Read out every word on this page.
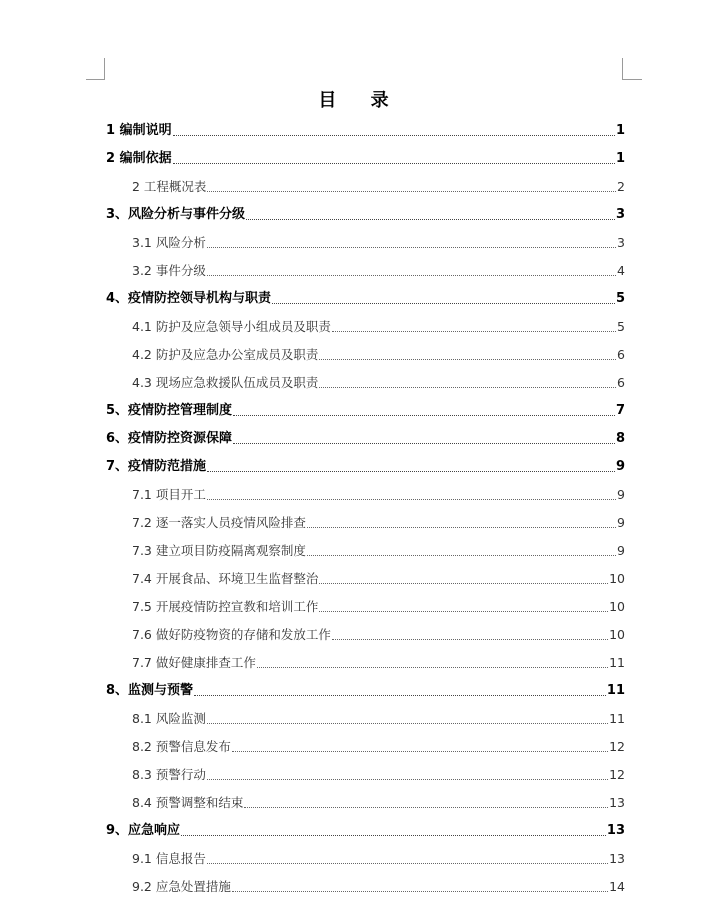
目 录
1 编制说明	1
2 编制依据	1
2 工程概况表	2
3、风险分析与事件分级	3
3.1 风险分析	3
3.2 事件分级	4
4、疫情防控领导机构与职责	5
4.1 防护及应急领导小组成员及职责	5
4.2 防护及应急办公室成员及职责	6
4.3 现场应急救援队伍成员及职责	6
5、疫情防控管理制度	7
6、疫情防控资源保障	8
7、疫情防范措施	9
7.1 项目开工	9
7.2 逐一落实人员疫情风险排查	9
7.3 建立项目防疫隔离观察制度	9
7.4 开展食品、环境卫生监督整治	10
7.5 开展疫情防控宣教和培训工作	10
7.6 做好防疫物资的存储和发放工作	10
7.7 做好健康排查工作	11
8、监测与预警	11
8.1 风险监测	11
8.2 预警信息发布	12
8.3 预警行动	12
8.4 预警调整和结束	13
9、应急响应	13
9.1 信息报告	13
9.2 应急处置措施	14
